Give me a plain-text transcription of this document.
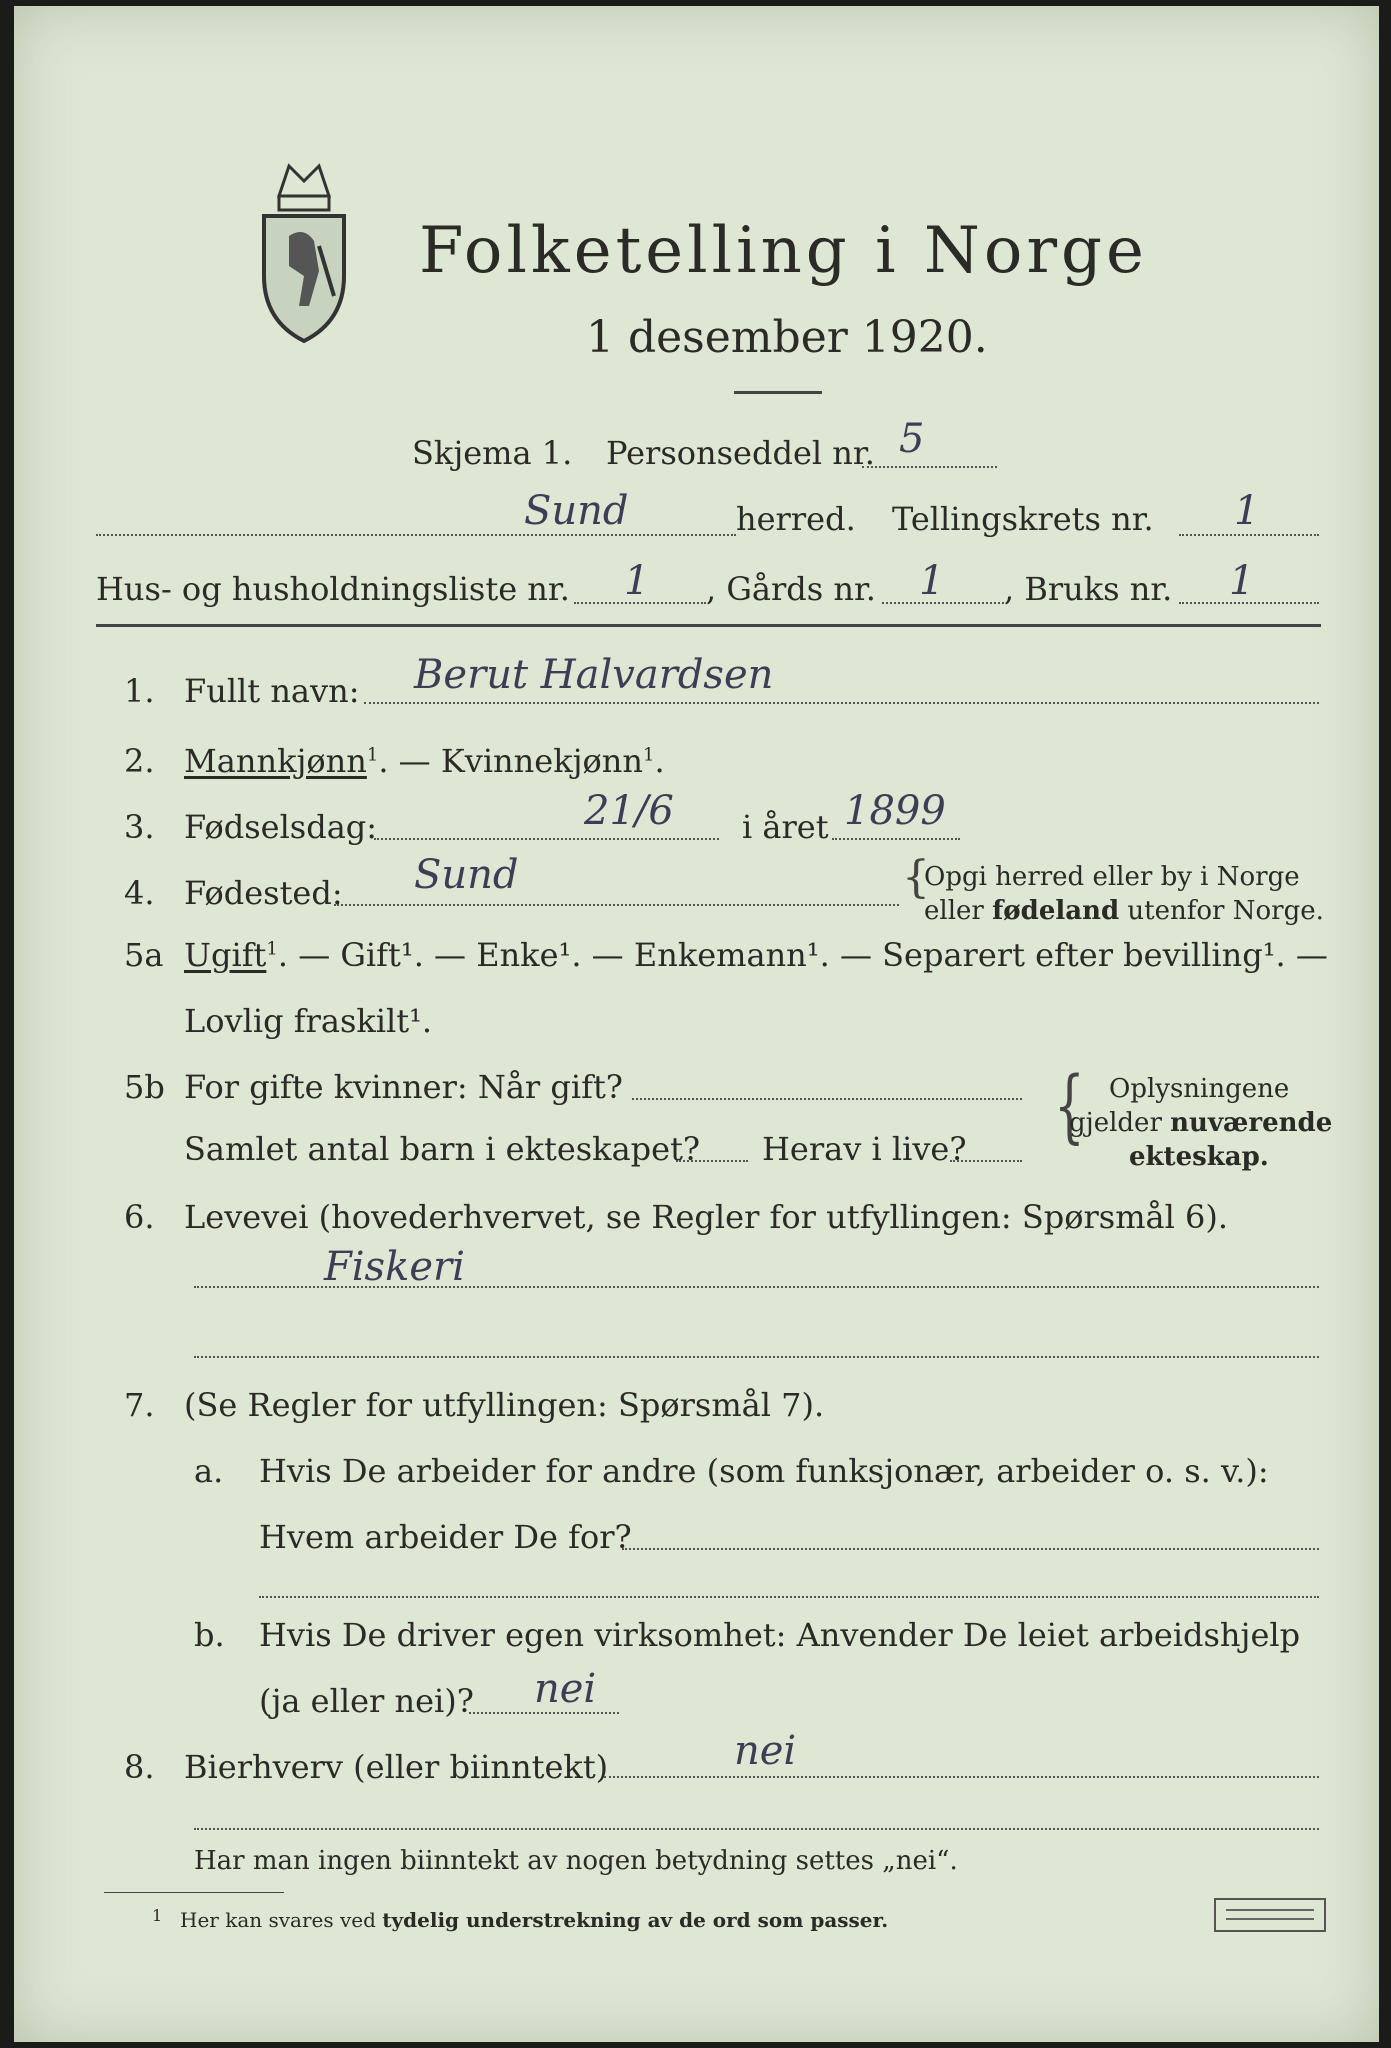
Folketelling i Norge
1 desember 1920.
Skjema 1. Personseddel nr. 5
Sund	herred. Tellingskrets nr. 1
Hus- og husholdningsliste nr. 1 , Gårds nr. 1 , Bruks nr. 1
1. Fullt navn: Berut Halvardsen
2. Mannkjønn$^1$. — Kvinnekjønn$^1$.
3. Fødselsdag:	21/6 i året 1899
4. Fødested: Sund	{
Opgi herred eller by i Norge
eller fødeland utenfor Norge.
5a Ugift$^1$. — Gift¹. — Enke¹. — Enkemann¹. — Separert efter bevilling¹. —
Lovlig fraskilt¹.
5b For gifte kvinner: Når gift?
Samlet antal barn i ekteskapet? Herav i live? { Oplysningene
gjelder nuværende
ekteskap.
6. Levevei (hovederhvervet, se Regler for utfyllingen: Spørsmål 6).
Fiskeri
7. (Se Regler for utfyllingen: Spørsmål 7).
a. Hvis De arbeider for andre (som funksjonær, arbeider o. s. v.):
Hvem arbeider De for?
b. Hvis De driver egen virksomhet: Anvender De leiet arbeidshjelp
(ja eller nei)? nei
8. Bierhverv (eller biinntekt)	nei
Har man ingen biinntekt av nogen betydning settes „nei“.
1 Her kan svares ved tydelig understrekning av de ord som passer.
